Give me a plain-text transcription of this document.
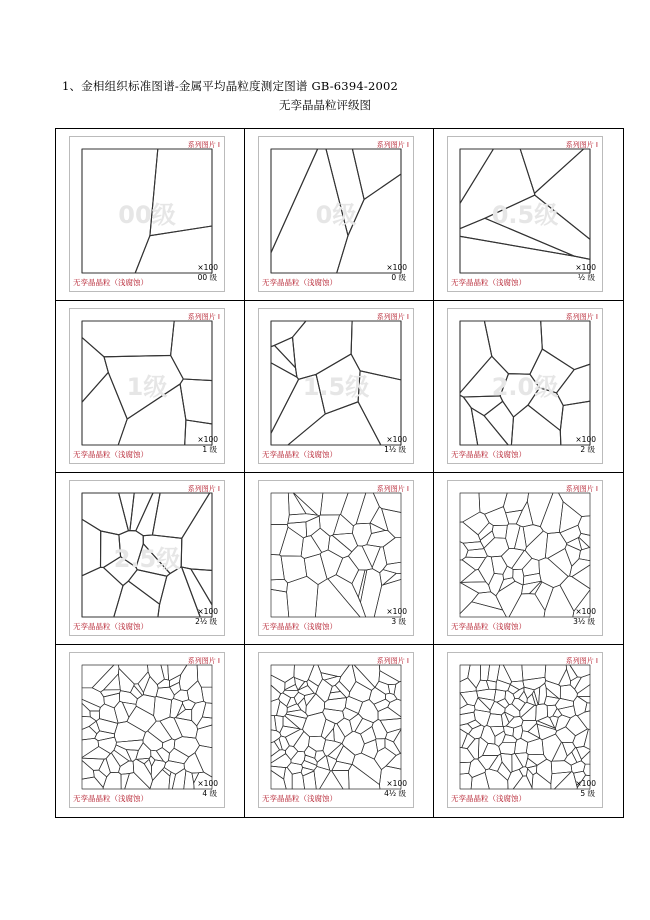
1、金相组织标准图谱-金属平均晶粒度测定图谱 GB-6394-2002
无孪晶晶粒评级图
00级
系列图片 I
×100
00 级
无孪晶晶粒（浅腐蚀）
0级
系列图片 I
×100
0 级
无孪晶晶粒（浅腐蚀）
0.5级
系列图片 I
×100
½ 级
无孪晶晶粒（浅腐蚀）
1级
系列图片 I
×100
1 级
无孪晶晶粒（浅腐蚀）
1.5级
系列图片 I
×100
1½ 级
无孪晶晶粒（浅腐蚀）
2.0级
系列图片 I
×100
2 级
无孪晶晶粒（浅腐蚀）
2.5级
系列图片 I
×100
2½ 级
无孪晶晶粒（浅腐蚀）
系列图片 I
×100
3 级
无孪晶晶粒（浅腐蚀）
系列图片 I
×100
3½ 级
无孪晶晶粒（浅腐蚀）
系列图片 I
×100
4 级
无孪晶晶粒（浅腐蚀）
系列图片 I
×100
4½ 级
无孪晶晶粒（浅腐蚀）
系列图片 I
×100
5 级
无孪晶晶粒（浅腐蚀）
